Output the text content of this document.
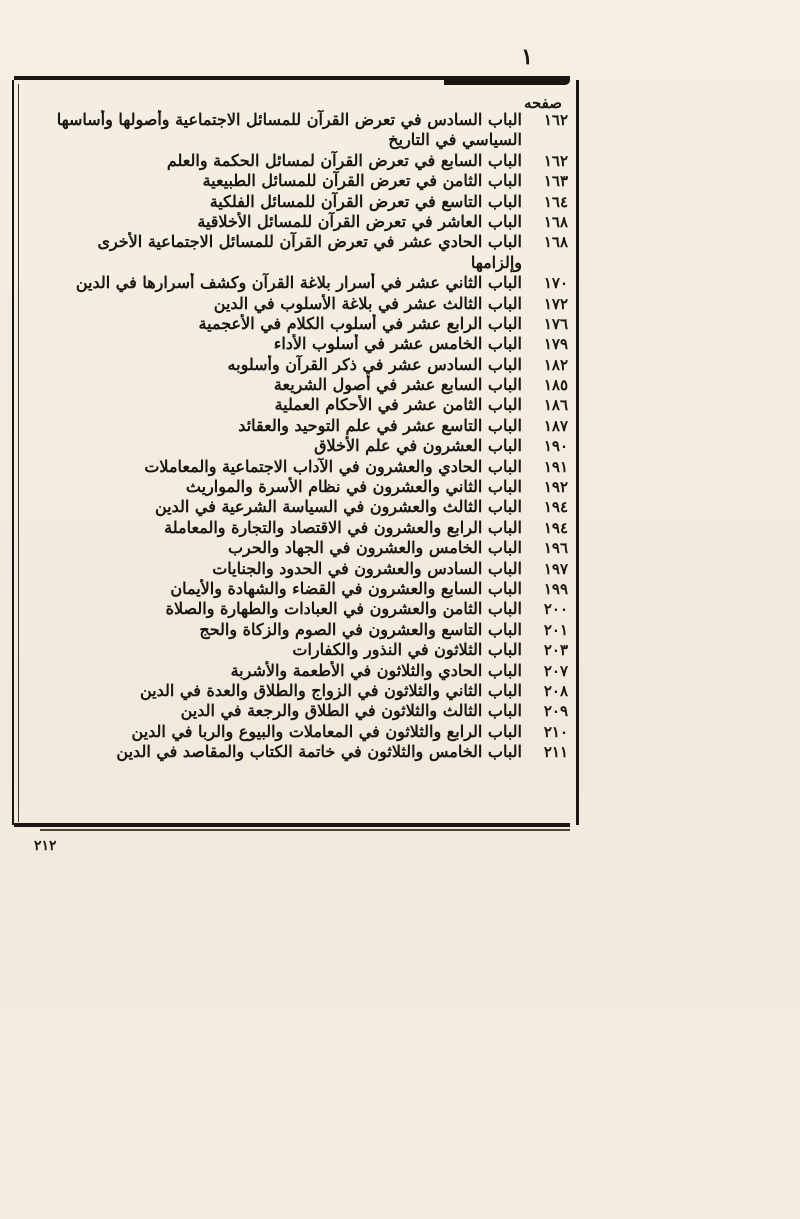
١
صفحه
١٦٢
الباب السادس في تعرض القرآن للمسائل الاجتماعية وأصولها وأساسها
السياسي في التاريخ
١٦٢
الباب السابع في تعرض القرآن لمسائل الحكمة والعلم
١٦٣
الباب الثامن في تعرض القرآن للمسائل الطبيعية
١٦٤
الباب التاسع في تعرض القرآن للمسائل الفلكية
١٦٨
الباب العاشر في تعرض القرآن للمسائل الأخلاقية
١٦٨
الباب الحادي عشر في تعرض القرآن للمسائل الاجتماعية الأخرى
وإلزامها
١٧٠
الباب الثاني عشر في أسرار بلاغة القرآن وكشف أسرارها في الدين
١٧٢
الباب الثالث عشر في بلاغة الأسلوب في الدين
١٧٦
الباب الرابع عشر في أسلوب الكلام في الأعجمية
١٧٩
الباب الخامس عشر في أسلوب الأداء
١٨٢
الباب السادس عشر في ذكر القرآن وأسلوبه
١٨٥
الباب السابع عشر في أصول الشريعة
١٨٦
الباب الثامن عشر في الأحكام العملية
١٨٧
الباب التاسع عشر في علم التوحيد والعقائد
١٩٠
الباب العشرون في علم الأخلاق
١٩١
الباب الحادي والعشرون في الآداب الاجتماعية والمعاملات
١٩٢
الباب الثاني والعشرون في نظام الأسرة والمواريث
١٩٤
الباب الثالث والعشرون في السياسة الشرعية في الدين
١٩٤
الباب الرابع والعشرون في الاقتصاد والتجارة والمعاملة
١٩٦
الباب الخامس والعشرون في الجهاد والحرب
١٩٧
الباب السادس والعشرون في الحدود والجنايات
١٩٩
الباب السابع والعشرون في القضاء والشهادة والأيمان
٢٠٠
الباب الثامن والعشرون في العبادات والطهارة والصلاة
٢٠١
الباب التاسع والعشرون في الصوم والزكاة والحج
٢٠٣
الباب الثلاثون في النذور والكفارات
٢٠٧
الباب الحادي والثلاثون في الأطعمة والأشربة
٢٠٨
الباب الثاني والثلاثون في الزواج والطلاق والعدة في الدين
٢٠٩
الباب الثالث والثلاثون في الطلاق والرجعة في الدين
٢١٠
الباب الرابع والثلاثون في المعاملات والبيوع والربا في الدين
٢١١
الباب الخامس والثلاثون في خاتمة الكتاب والمقاصد في الدين
٢١٢
